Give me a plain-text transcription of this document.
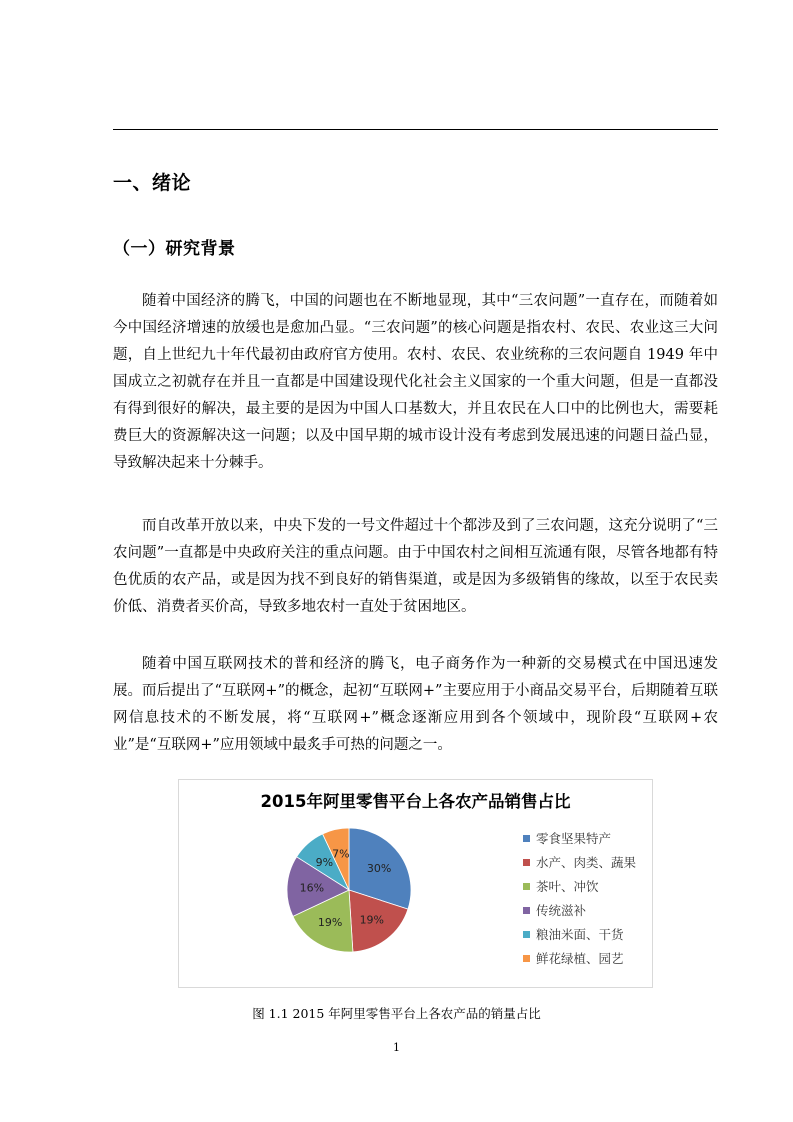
一、绪论
（一）研究背景

随着中国经济的腾飞，中国的问题也在不断地显现，其中“三农问题”一直存在，而随着如今中国经济增速的放缓也是愈加凸显。“三农问题”的核心问题是指农村、农民、农业这三大问题，自上世纪九十年代最初由政府官方使用。农村、农民、农业统称的三农问题自 1949 年中国成立之初就存在并且一直都是中国建设现代化社会主义国家的一个重大问题，但是一直都没有得到很好的解决，最主要的是因为中国人口基数大，并且农民在人口中的比例也大，需要耗费巨大的资源解决这一问题；以及中国早期的城市设计没有考虑到发展迅速的问题日益凸显，导致解决起来十分棘手。

而自改革开放以来，中央下发的一号文件超过十个都涉及到了三农问题，这充分说明了“三农问题”一直都是中央政府关注的重点问题。由于中国农村之间相互流通有限，尽管各地都有特色优质的农产品，或是因为找不到良好的销售渠道，或是因为多级销售的缘故，以至于农民卖价低、消费者买价高，导致多地农村一直处于贫困地区。

随着中国互联网技术的普和经济的腾飞，电子商务作为一种新的交易模式在中国迅速发展。而后提出了“互联网+”的概念，起初“互联网+”主要应用于小商品交易平台，后期随着互联网信息技术的不断发展，将“互联网+”概念逐渐应用到各个领域中，现阶段“互联网+农业”是“互联网+”应用领域中最炙手可热的问题之一。

2015年阿里零售平台上各农产品销售占比
30%
19%
19%
16%
9%
7%
零食坚果特产
水产、肉类、蔬果
茶叶、冲饮
传统滋补
粮油米面、干货
鲜花绿植、园艺
图 1.1 2015 年阿里零售平台上各农产品的销量占比
1
